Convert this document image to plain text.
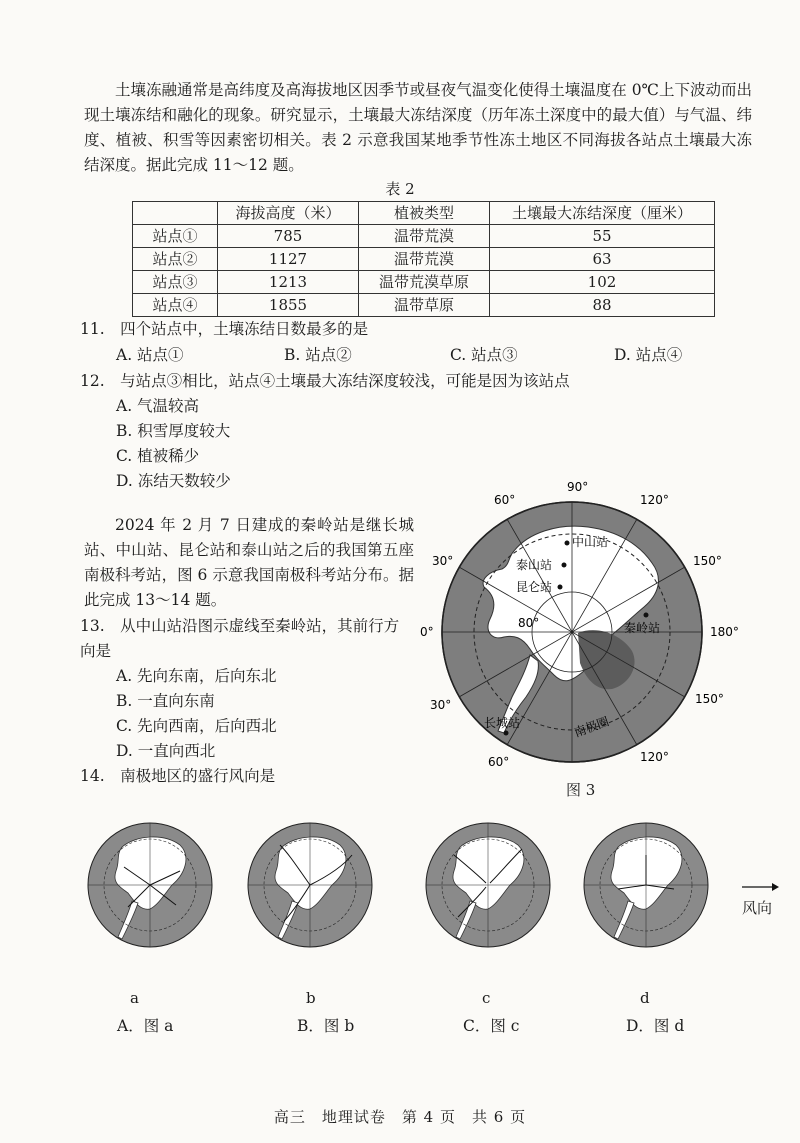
土壤冻融通常是高纬度及高海拔地区因季节或昼夜气温变化使得土壤温度在 0℃上下波动而出现土壤冻结和融化的现象。研究显示，土壤最大冻结深度（历年冻土深度中的最大值）与气温、纬度、植被、积雪等因素密切相关。表 2 示意我国某地季节性冻土地区不同海拔各站点土壤最大冻结深度。据此完成 11～12 题。
表 2
	海拔高度（米）	植被类型	土壤最大冻结深度（厘米）
站点①	785	温带荒漠	55
站点②	1127	温带荒漠	63
站点③	1213	温带荒漠草原	102
站点④	1855	温带草原	88
11.　四个站点中，土壤冻结日数最多的是
A. 站点①	B. 站点②	C. 站点③	D. 站点④
12.　与站点③相比，站点④土壤最大冻结深度较浅，可能是因为该站点
A. 气温较高
B. 积雪厚度较大
C. 植被稀少
D. 冻结天数较少
2024 年 2 月 7 日建成的秦岭站是继长城站、中山站、昆仑站和泰山站之后的我国第五座南极科考站，图 6 示意我国南极科考站分布。据此完成 13～14 题。
13.　从中山站沿图示虚线至秦岭站，其前行方向是
A. 先向东南，后向东北
B. 一直向东南
C. 先向西南，后向西北
D. 一直向西北
14.　南极地区的盛行风向是
90°
120°
150°
180°
150°
120°
60°
30°
0°
30°
60°
中山站
泰山站
昆仑站
秦岭站
长城站
80°
南极圈
图 3
风向
a	b	c	d
A．图 a	B．图 b	C．图 c	D．图 d
高三　地理试卷　第 4 页　共 6 页
